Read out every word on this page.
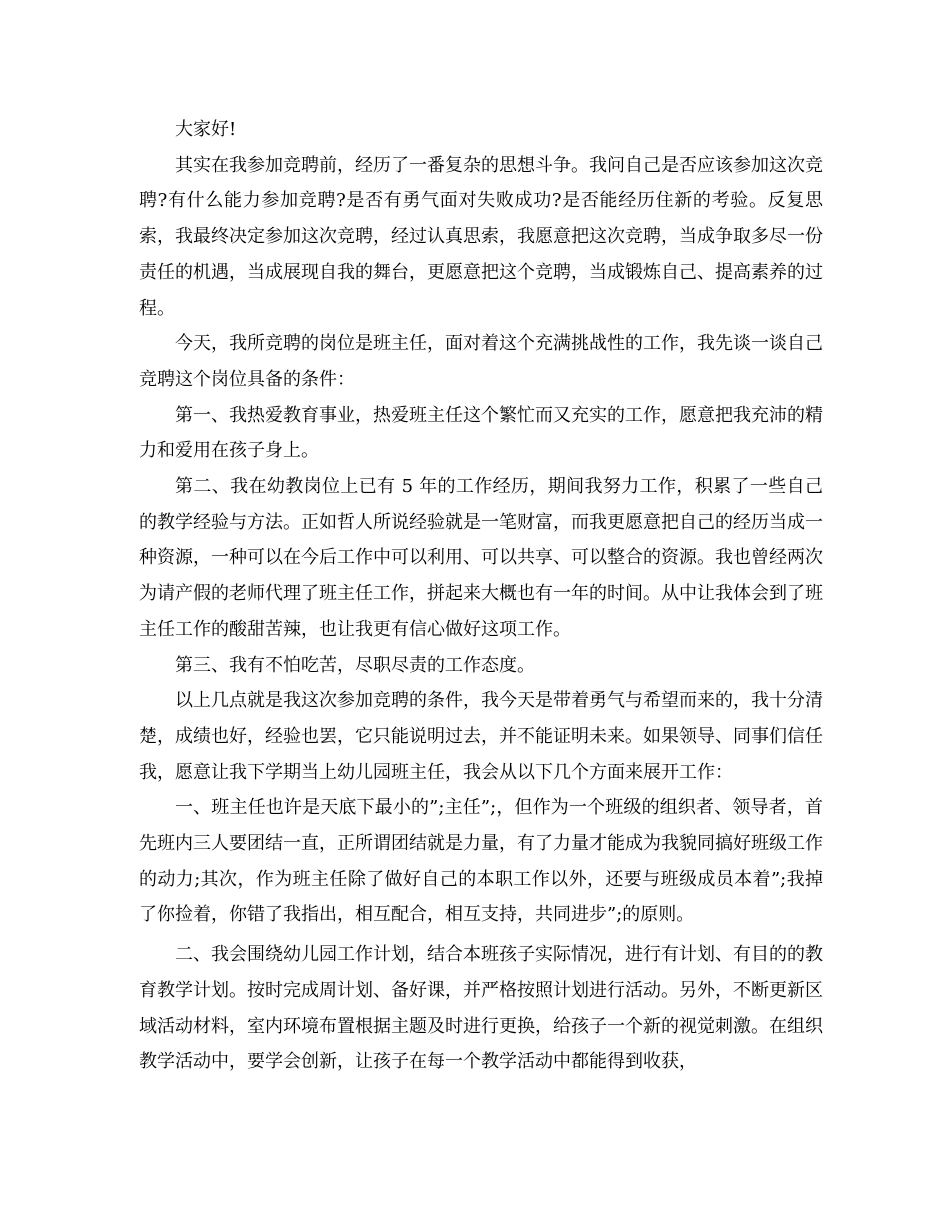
大家好!

其实在我参加竞聘前，经历了一番复杂的思想斗争。我问自己是否应该参加这次竞聘?有什么能力参加竞聘?是否有勇气面对失败成功?是否能经历住新的考验。反复思索，我最终决定参加这次竞聘，经过认真思索，我愿意把这次竞聘，当成争取多尽一份责任的机遇，当成展现自我的舞台，更愿意把这个竞聘，当成锻炼自己、提高素养的过程。

今天，我所竞聘的岗位是班主任，面对着这个充满挑战性的工作，我先谈一谈自己竞聘这个岗位具备的条件：

第一、我热爱教育事业，热爱班主任这个繁忙而又充实的工作，愿意把我充沛的精力和爱用在孩子身上。

第二、我在幼教岗位上已有 5 年的工作经历，期间我努力工作，积累了一些自己的教学经验与方法。正如哲人所说经验就是一笔财富，而我更愿意把自己的经历当成一种资源，一种可以在今后工作中可以利用、可以共享、可以整合的资源。我也曾经两次为请产假的老师代理了班主任工作，拼起来大概也有一年的时间。从中让我体会到了班主任工作的酸甜苦辣，也让我更有信心做好这项工作。

第三、我有不怕吃苦，尽职尽责的工作态度。

以上几点就是我这次参加竞聘的条件，我今天是带着勇气与希望而来的，我十分清楚，成绩也好，经验也罢，它只能说明过去，并不能证明未来。如果领导、同事们信任我，愿意让我下学期当上幼儿园班主任，我会从以下几个方面来展开工作：

一、班主任也许是天底下最小的”;主任”;，但作为一个班级的组织者、领导者，首先班内三人要团结一直，正所谓团结就是力量，有了力量才能成为我貌同搞好班级工作的动力;其次，作为班主任除了做好自己的本职工作以外，还要与班级成员本着”;我掉了你捡着，你错了我指出，相互配合，相互支持，共同进步”;的原则。

二、我会围绕幼儿园工作计划，结合本班孩子实际情况，进行有计划、有目的的教育教学计划。按时完成周计划、备好课，并严格按照计划进行活动。另外，不断更新区域活动材料，室内环境布置根据主题及时进行更换，给孩子一个新的视觉刺激。在组织教学活动中，要学会创新，让孩子在每一个教学活动中都能得到收获，
